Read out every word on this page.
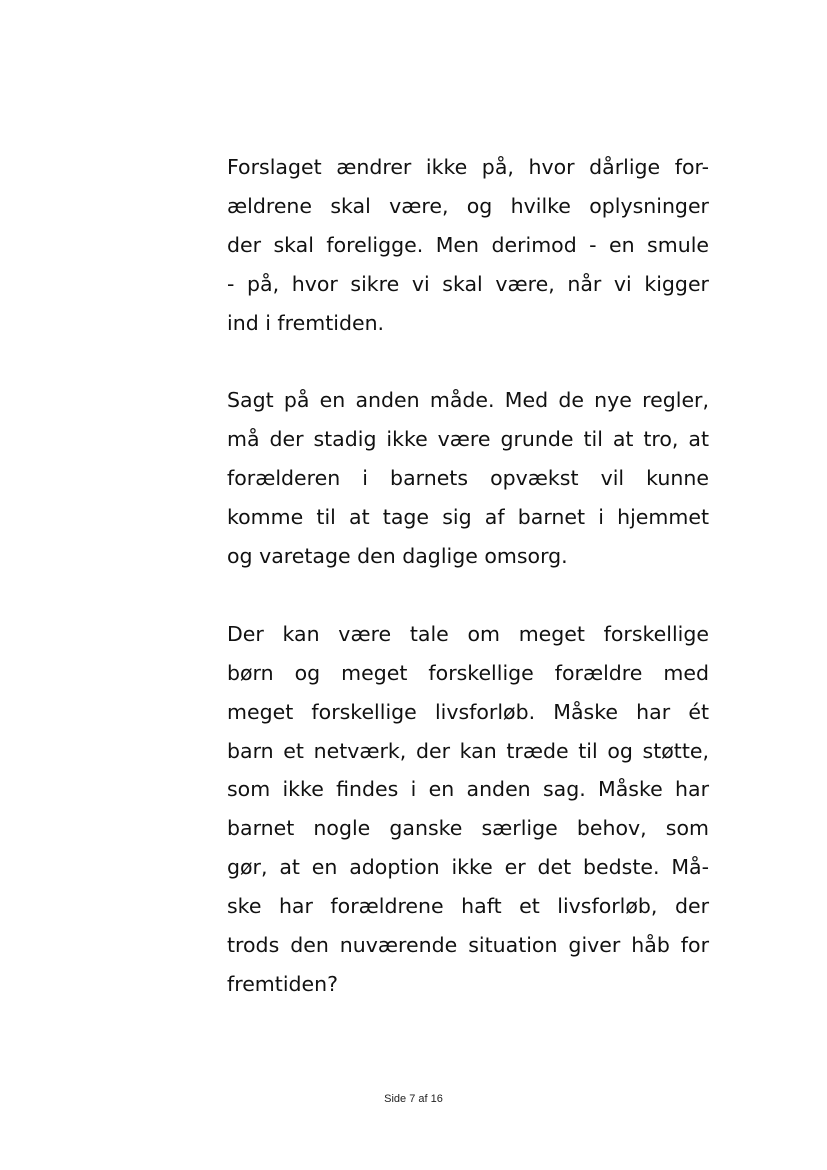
Forslaget ændrer ikke på, hvor dårlige for-
ældrene skal være, og hvilke oplysninger
der skal foreligge. Men derimod - en smule
- på, hvor sikre vi skal være, når vi kigger
ind i fremtiden.

Sagt på en anden måde. Med de nye regler,
må der stadig ikke være grunde til at tro, at
forælderen i barnets opvækst vil kunne
komme til at tage sig af barnet i hjemmet
og varetage den daglige omsorg.

Der kan være tale om meget forskellige
børn og meget forskellige forældre med
meget forskellige livsforløb. Måske har ét
barn et netværk, der kan træde til og støtte,
som ikke findes i en anden sag. Måske har
barnet nogle ganske særlige behov, som
gør, at en adoption ikke er det bedste. Må-
ske har forældrene haft et livsforløb, der
trods den nuværende situation giver håb for
fremtiden?

Side 7 af 16
